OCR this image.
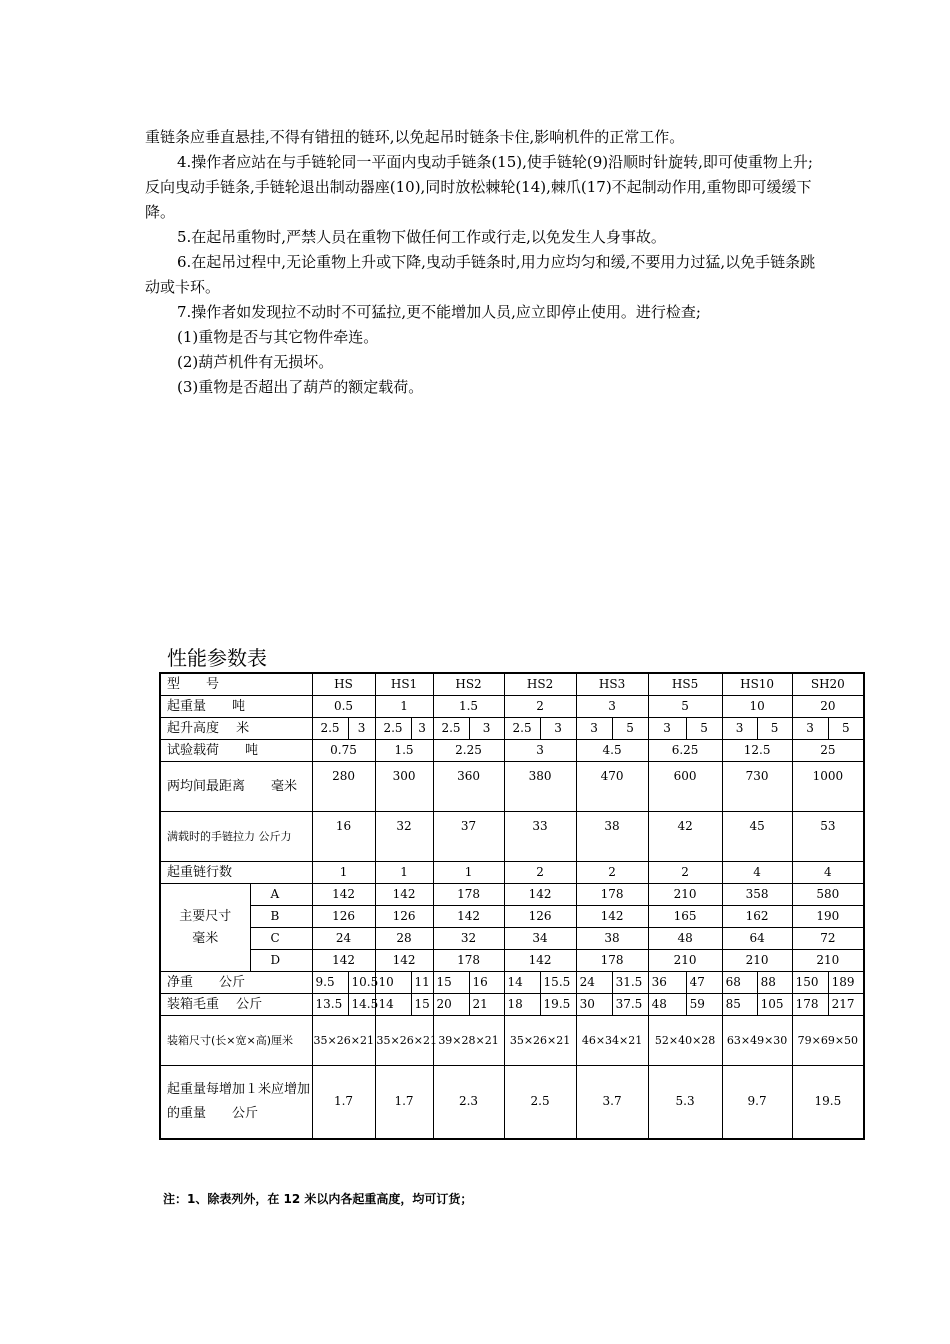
重链条应垂直悬挂,不得有错扭的链环,以免起吊时链条卡住,影响机件的正常工作。

4.操作者应站在与手链轮同一平面内曳动手链条(15),使手链轮(9)沿顺时针旋转,即可使重物上升;反向曳动手链条,手链轮退出制动器座(10),同时放松棘轮(14),棘爪(17)不起制动作用,重物即可缓缓下降。

5.在起吊重物时,严禁人员在重物下做任何工作或行走,以免发生人身事故。

6.在起吊过程中,无论重物上升或下降,曳动手链条时,用力应均匀和缓,不要用力过猛,以免手链条跳动或卡环。

7.操作者如发现拉不动时不可猛拉,更不能增加人员,应立即停止使用。进行检查;

(1)重物是否与其它物件牵连。

(2)葫芦机件有无损坏。

(3)重物是否超出了葫芦的额定载荷。

性能参数表

型　　号		HS		HS1		HS2		HS2		HS3		HS5		HS10		SH20	
起重量　　吨		0.5		1		1.5		2		3		5		10		20	
起升高度　 米		2.5	3	2.5	3	2.5	3	2.5	3	3	5	3	5	3	5	3	5
试验载荷　　吨		0.75		1.5		2.25		3		4.5		6.25		12.5		25	
两均间最距离　　毫米		280		300		360		380		470		600		730		1000	
满载时的手链拉力 公斤力		16		32		37		33		38		42		45		53	
起重链行数		1		1		1		2		2		2		4		4	
主要尺寸毫米	A	142		142		178		142		178		210		358		580	
	B	126		126		142		126		142		165		162		190	
	C	24		28		32		34		38		48		64		72	
	D	142		142		178		142		178		210		210		210	
净重　　公斤		9.5	10.5	10	11	15	16	14	15.5	24	31.5	36	47	68	88	150	189
装箱毛重　 公斤		13.5	14.5	14	15	20	21	18	19.5	30	37.5	48	59	85	105	178	217
装箱尺寸(长×宽×高)厘米		35×26×21		35×26×21		39×28×21		35×26×21		46×34×21		52×40×28		63×49×30		79×69×50	
起重量每增加１米应增加的重量　　公斤		1.7		1.7		2.3		2.5		3.7		5.3		9.7		19.5	

注：1、除表列外，在 12 米以内各起重高度，均可订货；
